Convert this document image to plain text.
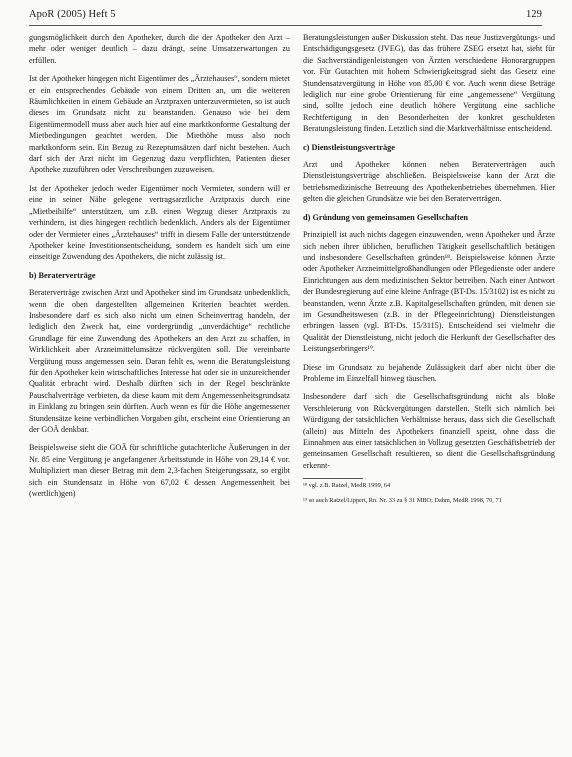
ApoR (2005) Heft 5	129

gungsmöglichkeit durch den Apotheker, durch die der Apotheker den Arzt – mehr oder weniger deutlich – dazu drängt, seine Umsatzerwartungen zu erfüllen.

Ist der Apotheker hingegen nicht Eigentümer des „Ärztehauses“, sondern mietet er ein entsprechendes Gebäude von einem Dritten an, um die weiteren Räumlichkeiten in einem Gebäude an Arztpraxen unterzuvermieten, so ist auch dieses im Grundsatz nicht zu beanstanden. Genauso wie bei dem Eigentümermodell muss aber auch hier auf eine marktkonforme Gestaltung der Mietbedingungen geachtet werden. Die Miethöhe muss also noch marktkonform sein. Ein Bezug zu Rezeptumsätzen darf nicht bestehen. Auch darf sich der Arzt nicht im Gegenzug dazu verpflichten, Patienten dieser Apotheke zuzuführen oder Verschreibungen zuzuweisen.

Ist der Apotheker jedoch weder Eigentümer noch Vermieter, sondern will er eine in seiner Nähe gelegene vertragsarztliche Arztpraxis durch eine „Mietbeihilfe“ unterstützen, um z.B. einen Wegzug dieser Arztpraxis zu verhindern, ist dies hingegen rechtlich bedenklich. Anders als der Eigentümer oder der Vermieter eines „Ärztehauses“ trifft in diesem Falle der unterstützende Apotheker keine Investitionsentscheidung, sondern es handelt sich um eine einseitige Zuwendung des Apothekers, die nicht zulässig ist.

b) Beraterverträge

Beraterverträge zwischen Arzt und Apotheker sind im Grundsatz unbedenklich, wenn die oben dargestellten allgemeinen Kriterien beachtet werden. Insbesondere darf es sich also nicht um einen Scheinvertrag handeln, der lediglich den Zweck hat, eine vordergründig „unverdächtige“ rechtliche Grundlage für eine Zuwendung des Apothekers an den Arzt zu schaffen, in Wirklichkeit aber Arzneimittelumsätze rückvergüten soll. Die vereinbarte Vergütung muss angemessen sein. Daran fehlt es, wenn die Beratungsleistung für den Apotheker kein wirtschaftliches Interesse hat oder sie in unzureichender Qualität erbracht wird. Deshalb dürften sich in der Regel beschränkte Pauschalverträge verbieten, da diese kaum mit dem Angemessenheitsgrundsatz in Einklang zu bringen sein dürften. Auch wenn es für die Höhe angemessener Stundensätze keine verbindlichen Vorgaben gibt, erscheint eine Orientierung an der GOÄ denkbar.

Beispielsweise sieht die GOÄ für schriftliche gutachterliche Äußerungen in der Nr. 85 eine Vergütung je angefangener Arbeitsstunde in Höhe von 29,14 € vor. Multipliziert man dieser Betrag mit dem 2,3-fachen Steigerungssatz, so ergibt sich ein Stundensatz in Höhe von 67,02 € dessen Angemessenheit bei (wertlich)gen)

Beratungsleistungen außer Diskussion steht. Das neue Justizvergütungs- und Entschädigungsgesetz (JVEG), das das frühere ZSEG ersetzt hat, sieht für die Sachverständigenleistungen von Ärzten verschiedene Honorargruppen vor. Für Gutachten mit hohem Schwierigkeitsgrad sieht das Gesetz eine Stundensatzvergütung in Höhe von 85,00 € vor. Auch wenn diese Beträge lediglich nur eine grobe Orientierung für eine „angemessene“ Vergütung sind, sollte jedoch eine deutlich höhere Vergütung eine sachliche Rechtfertigung in den Besonderheiten der konkret geschuldeten Beratungsleistung finden. Letztlich sind die Marktverhältnisse entscheidend.

c) Dienstleistungsverträge

Arzt und Apotheker können neben Beraterverträgen auch Dienstleistungsverträge abschließen. Beispielsweise kann der Arzt die betriebsmedizinische Betreuung des Apothekenbetriebes übernehmen. Hier gelten die gleichen Grundsätze wie bei den Beraterverträgen.

d) Gründung von gemeinsamen Gesellschaften

Prinzipiell ist auch nichts dagegen einzuwenden, wenn Apotheker und Ärzte sich neben ihrer üblichen, beruflichen Tätigkeit gesellschaftlich betätigen und insbesondere Gesellschaften gründen¹⁸. Beispielsweise können Ärzte oder Apotheker Arzneimittelgroßhandlungen oder Pflegedienste oder andere Einrichtungen aus dem medizinischen Sektor betreiben. Nach einer Antwort der Bundesregierung auf eine kleine Anfrage (BT-Ds. 15/3102) ist es nicht zu beanstanden, wenn Ärzte z.B. Kapitalgesellschaften gründen, mit denen sie im Gesundheitswesen (z.B. in der Pflegeeinrichtung) Dienstleistungen erbringen lassen (vgl. BT-Ds. 15/3115). Entscheidend sei vielmehr die Qualität der Dienstleistung, nicht jedoch die Herkunft der Gesellschafter des Leistungserbringers¹⁹.

Diese im Grundsatz zu bejahende Zulässigkeit darf aber nicht über die Probleme im Einzelfall hinweg täuschen.

Insbesondere darf sich die Gesellschaftsgründung nicht als bloße Verschleierung von Rückvergütungen darstellen. Stellt sich nämlich bei Würdigung der tatsächlichen Verhältnisse heraus, dass sich die Gesellschaft (allein) aus Mitteln des Apothekers finanziell speist, ohne dass die Einnahmen aus einer tatsächlichen in Vollzug gesetzten Geschäftsbetrieb der gemeinsamen Gesellschaft resultieren, so dient die Gesellschaftsgründung erkennt-

¹⁸ vgl. z.B. Ratzel, MedR 1999, 64

¹⁹ so auch Ratzel/Lippert, Rn. Nr. 33 zu § 31 MBO; Dahm, MedR 1998, 70, 71
